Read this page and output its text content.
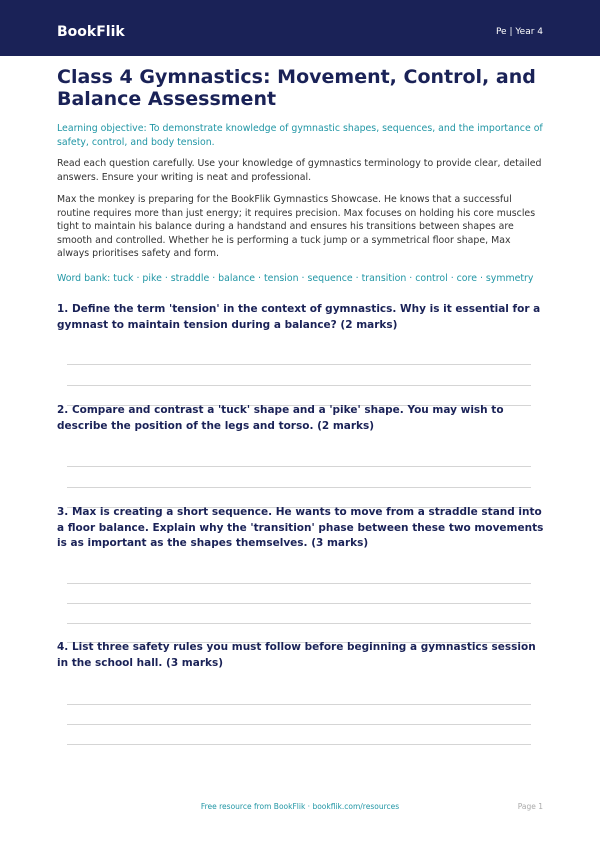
BookFlik	Pe | Year 4
Class 4 Gymnastics: Movement, Control, and Balance Assessment

Learning objective: To demonstrate knowledge of gymnastic shapes, sequences, and the importance of safety, control, and body tension.

Read each question carefully. Use your knowledge of gymnastics terminology to provide clear, detailed answers. Ensure your writing is neat and professional.

Max the monkey is preparing for the BookFlik Gymnastics Showcase. He knows that a successful routine requires more than just energy; it requires precision. Max focuses on holding his core muscles tight to maintain his balance during a handstand and ensures his transitions between shapes are smooth and controlled. Whether he is performing a tuck jump or a symmetrical floor shape, Max always prioritises safety and form.

Word bank: tuck · pike · straddle · balance · tension · sequence · transition · control · core · symmetry

1. Define the term 'tension' in the context of gymnastics. Why is it essential for a gymnast to maintain tension during a balance? (2 marks)

2. Compare and contrast a 'tuck' shape and a 'pike' shape. You may wish to describe the position of the legs and torso. (2 marks)

3. Max is creating a short sequence. He wants to move from a straddle stand into a floor balance. Explain why the 'transition' phase between these two movements is as important as the shapes themselves. (3 marks)

4. List three safety rules you must follow before beginning a gymnastics session in the school hall. (3 marks)

Free resource from BookFlik · bookflik.com/resources	Page 1
